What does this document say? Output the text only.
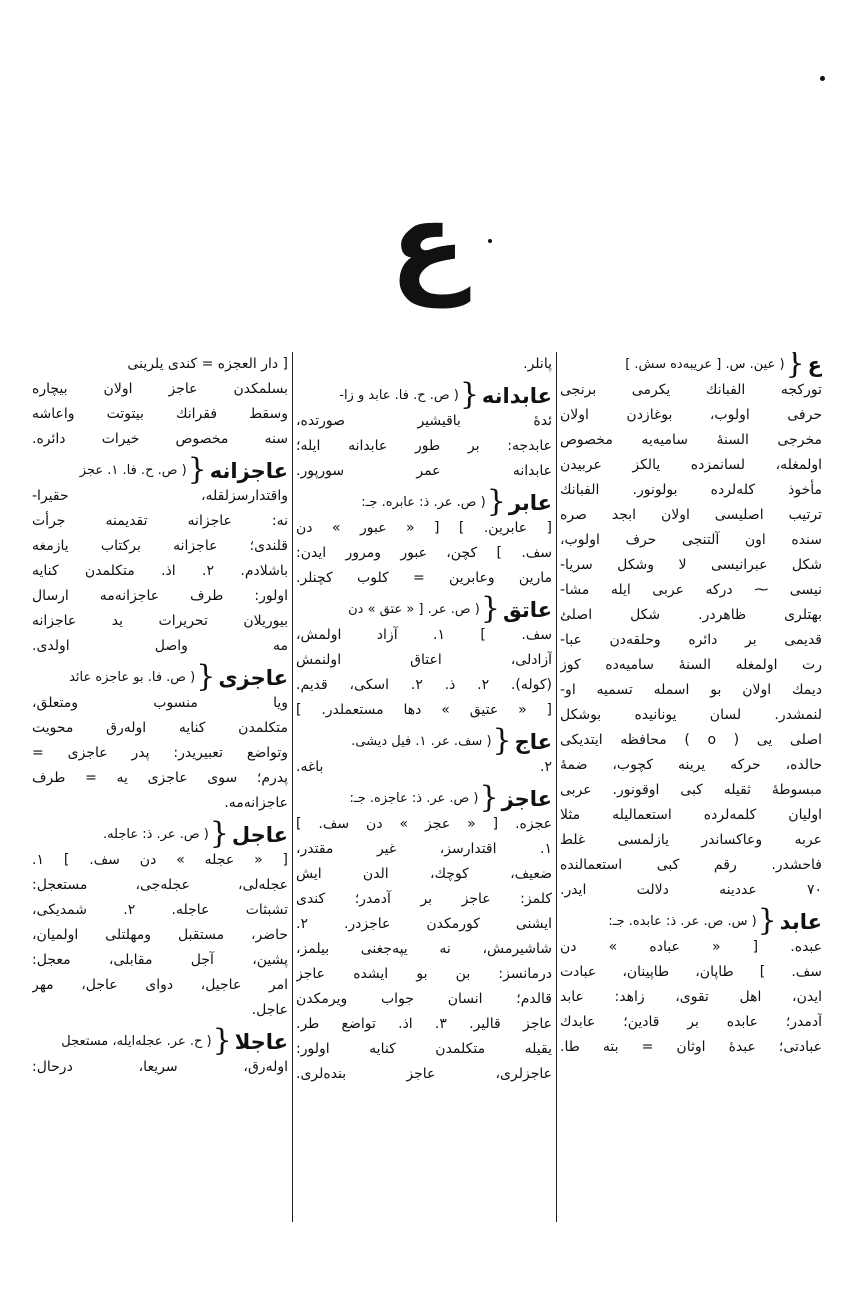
ع
ع
{
( عين. س. [ عريبه‌ده سش. ]
تورکجه الفبانك يكرمى برنجى
حرفى اولوب، بوغازدن اولان
مخرجى السنهٔ ساميه‌يه مخصوص
اولمغله، لسانمزده يالكز عربيدن
مأخوذ كله‌لرده بولونور. الفبانك
ترتيب اصليسى اولان ابجد صره‌
سنده اون آلتنجى حرف اولوب،
شكل عبرانيسى لا وشكل سريا-
نيسى ⁓ دركه عربى ايله مشا-
بهتلرى ظاهردر. شكل اصلئ
قديمى بر دائره وحلقه‌دن عبا-
رت اولمغله السنهٔ ساميه‌ده كوز
ديمك اولان بو اسمله تسميه او-
لنمشدر. لسان يونانيده بوشكل
اصلى يى ( o ) محافظه ايتديكى
حالده، حركه يرينه كچوب، ضمهٔ
مبسوطهٔ ثقيله كبى اوقونور. عربى
اوليان كلمه‌لرده استعماليله مثلا
عربه وعاكساندر يازلمسى غلط
فاحشدر. رقم كبى استعمالنده
٧٠ عددينه دلالت ايدر.
عابد
{
( س. ص. عر. ذ: عابده. جـ:
عبده. [ « عباده » دن
سف. ] طاپان، طاپينان، عبادت
ايدن، اهل تقوى، زاهد: عابد
آدمدر؛ عابده بر قادين؛ عابدك
عبادتى؛ عبدهٔ اوثان = بته طا.
پانلر.
عابدانه
{
( ص. ح. فا. عابد و زا-
ئدهٔ باقيشير صورتده،
عابدجه: بر طور عابدانه ايله؛
عابدانه عمر سورپور.
عابر
{
( ص. عر. ذ: عابره. جـ:
[ عابرين. ] [ « عبور » دن
سف. ] كچن، عبور ومرور ايدن:
مارين وعابرين = كلوب كچنلر.
عاتق
{
( ص. عر. [ « عتق » دن
سف. ] ١. آزاد اولمش،
آزادلى، اعتاق اولنمش
(كوله). ٢. ذ. ٢. اسكى، قديم.
[ « عتيق » دها مستعملدر. ]
عاج
{
( سف. عر. ١. فيل ديشى.
٢. باغه.
عاجز
{
( ص. عر. ذ: عاجزه. جـ:
عجزه. [ « عجز » دن سف. ]
١. اقتدارسز، غير مقتدر،
ضعيف، كوچك، الدن ايش
كلمز: عاجز بر آدمدر؛ كندى
ايشنى كورمكدن عاجزدر. ٢.
شاشيرمش، نه يپه‌جغنى بيلمز،
درمانسز: بن بو ايشده عاجز
قالدم؛ انسان جواب ويرمكدن
عاجز قالير. ٣. اذ. تواضع طر.
يقيله متكلمدن كنايه اولور:
عاجزلرى، عاجز بنده‌لرى.
[ دار العجزه = كندى يلرينى
بسلمكدن عاجز اولان بيچاره
وسقط فقرانك بيتوتت واعاشه‌
سنه مخصوص خيرات دائره.
عاجزانه
{
( ص. ح. فا. ١. عجز
واقتدارسزلقله، حقيرا-
نه: عاجزانه تقديمنه جرأت
قلندى؛ عاجزانه بركتاب يازمغه
باشلادم. ٢. اذ. متكلمدن كنايه
اولور: طرف عاجزانه‌مه ارسال
بيوريلان تحريرات يد عاجزانه‌
مه واصل اولدى.
عاجزى
{
( ص. فا. بو عاجزه عائد
ويا منسوب ومتعلق،
متكلمدن كنايه اوله‌رق محويت
وتواضع تعبيريدر: پدر عاجزى =
پدرم؛ سوى عاجزى يه = طرف
عاجزانه‌مه.
عاجل
{
( ص. عر. ذ: عاجله.
[ « عجله » دن سف. ] ١.
عجله‌لى، عجله‌جى، مستعجل:
تشبثات عاجله. ٢. شمديكى،
حاضر، مستقبل ومهلتلى اولميان،
پشين، آجل مقابلى، معجل:
امر عاجيل، دواى عاجل، مهر
عاجل.
عاجلا
{
( ح. عر. عجله‌ايله، مستعجل
اوله‌رق، سريعا، درحال:
